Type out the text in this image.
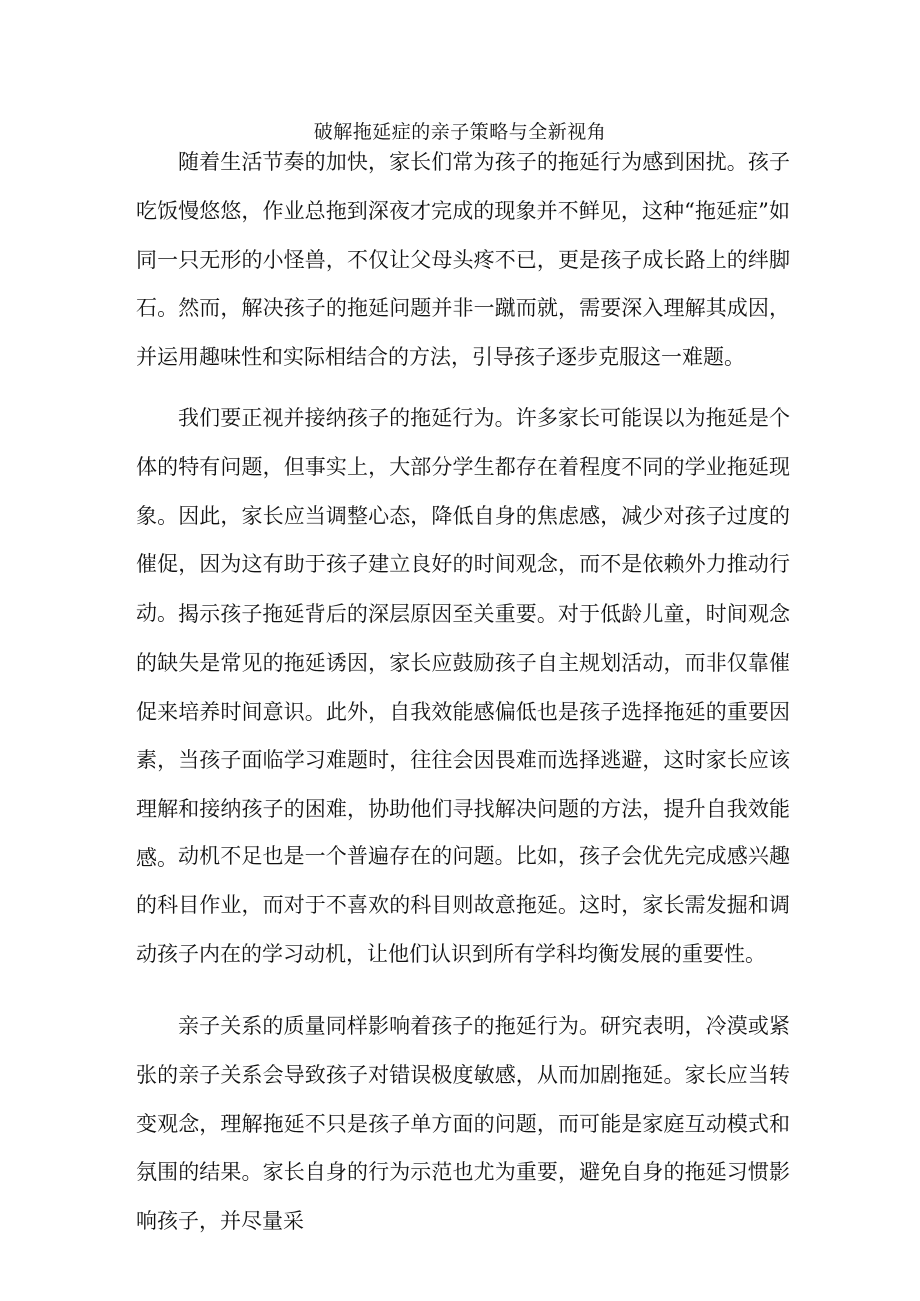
破解拖延症的亲子策略与全新视角

随着生活节奏的加快，家长们常为孩子的拖延行为感到困扰。孩子吃饭慢悠悠，作业总拖到深夜才完成的现象并不鲜见，这种“拖延症”如同一只无形的小怪兽，不仅让父母头疼不已，更是孩子成长路上的绊脚石。然而，解决孩子的拖延问题并非一蹴而就，需要深入理解其成因，并运用趣味性和实际相结合的方法，引导孩子逐步克服这一难题。

我们要正视并接纳孩子的拖延行为。许多家长可能误以为拖延是个体的特有问题，但事实上，大部分学生都存在着程度不同的学业拖延现象。因此，家长应当调整心态，降低自身的焦虑感，减少对孩子过度的催促，因为这有助于孩子建立良好的时间观念，而不是依赖外力推动行动。 揭示孩子拖延背后的深层原因至关重要。对于低龄儿童，时间观念的缺失是常见的拖延诱因，家长应鼓励孩子自主规划活动，而非仅靠催促来培养时间意识。此外，自我效能感偏低也是孩子选择拖延的重要因素，当孩子面临学习难题时，往往会因畏难而选择逃避，这时家长应该理解和接纳孩子的困难，协助他们寻找解决问题的方法，提升自我效能感。 动机不足也是一个普遍存在的问题。比如，孩子会优先完成感兴趣的科目作业，而对于不喜欢的科目则故意拖延。这时，家长需发掘和调动孩子内在的学习动机，让他们认识到所有学科均衡发展的重要性。

亲子关系的质量同样影响着孩子的拖延行为。研究表明，冷漠或紧张的亲子关系会导致孩子对错误极度敏感，从而加剧拖延。家长应当转变观念，理解拖延不只是孩子单方面的问题，而可能是家庭互动模式和氛围的结果。家长自身的行为示范也尤为重要，避免自身的拖延习惯影响孩子，并尽量采
